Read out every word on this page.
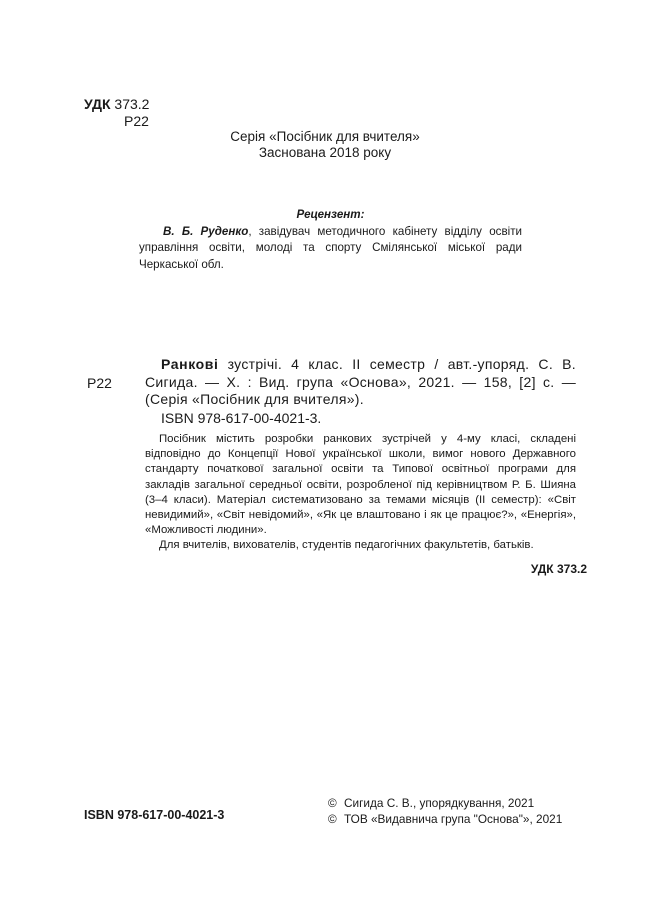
УДК 373.2
Р22
Серія «Посібник для вчителя»
Заснована 2018 року
Рецензент:
В. Б. Руденко, завідувач методичного кабінету відділу освіти управління освіти, молоді та спорту Смілянської міської ради Черкаської обл.
Р22
Ранкові зустрічі. 4 клас. ІІ семестр / авт.-упоряд. С. В. Сигида. — Х. : Вид. група «Основа», 2021. — 158, [2] с. — (Серія «Посібник для вчителя»).
ISBN 978-617-00-4021-3.

Посібник містить розробки ранкових зустрічей у 4-му класі, складені відповідно до Концепції Нової української школи, вимог нового Державного стандарту початкової загальної освіти та Типової освітньої програми для закладів загальної середньої освіти, розробленої під керівництвом Р. Б. Шияна (3–4 класи). Матеріал систематизовано за темами місяців (ІІ семестр): «Світ невидимий», «Світ невідомий», «Як це влаштовано і як це працює?», «Енергія», «Можливості людини».

Для вчителів, вихователів, студентів педагогічних факультетів, батьків.

УДК 373.2
ISBN 978-617-00-4021-3
© Сигида С. В., упорядкування, 2021
© ТОВ «Видавнича група "Основа"», 2021
